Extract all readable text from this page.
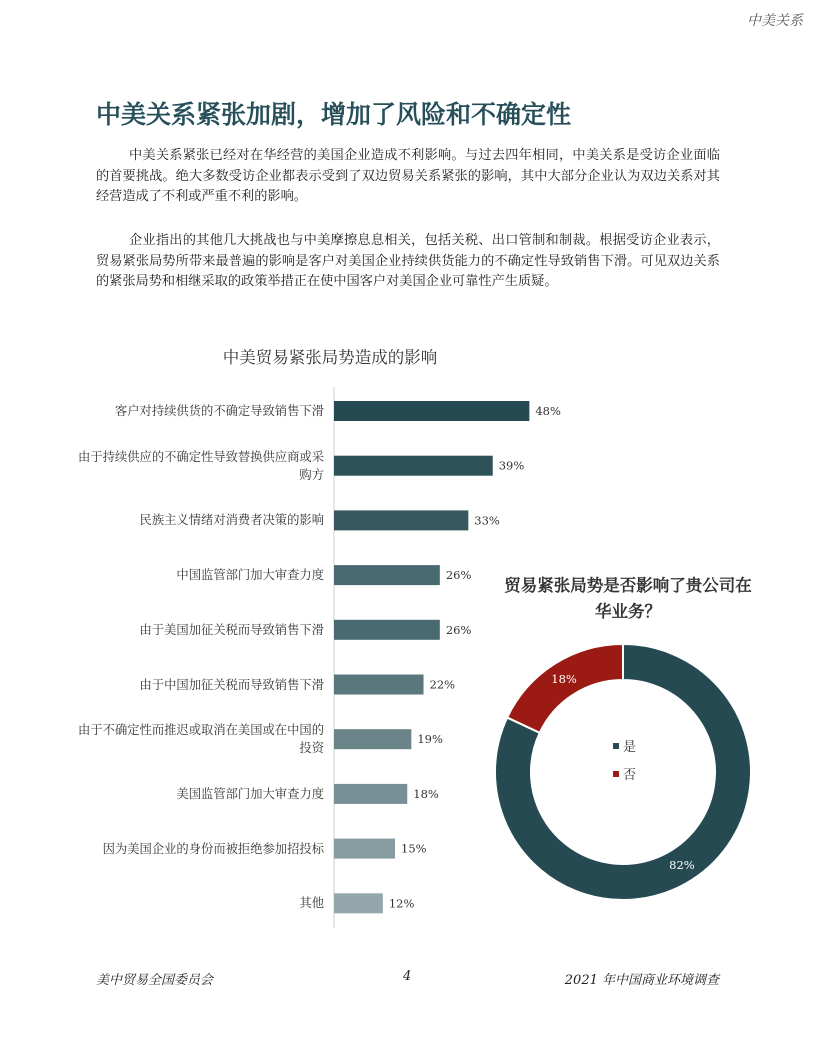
中美关系
中美关系紧张加剧，增加了风险和不确定性

中美关系紧张已经对在华经营的美国企业造成不利影响。与过去四年相同，中美关系是受访企业面临的首要挑战。绝大多数受访企业都表示受到了双边贸易关系紧张的影响，其中大部分企业认为双边关系对其经营造成了不利或严重不利的影响。

企业指出的其他几大挑战也与中美摩擦息息相关，包括关税、出口管制和制裁。根据受访企业表示，贸易紧张局势所带来最普遍的影响是客户对美国企业持续供货能力的不确定性导致销售下滑。可见双边关系的紧张局势和相继采取的政策举措正在使中国客户对美国企业可靠性产生质疑。

中美贸易紧张局势造成的影响
客户对持续供货的不确定导致销售下滑
由于持续供应的不确定性导致替换供应商或采购方
民族主义情绪对消费者决策的影响
中国监管部门加大审查力度
由于美国加征关税而导致销售下滑
由于中国加征关税而导致销售下滑
由于不确定性而推迟或取消在美国或在中国的投资
美国监管部门加大审查力度
因为美国企业的身份而被拒绝参加招投标
其他
48%
39%
33%
26%
26%
22%
19%
18%
15%
12%
贸易紧张局势是否影响了贵公司在华业务？
82%
18%
是
否
美中贸易全国委员会	4	2021 年中国商业环境调查
